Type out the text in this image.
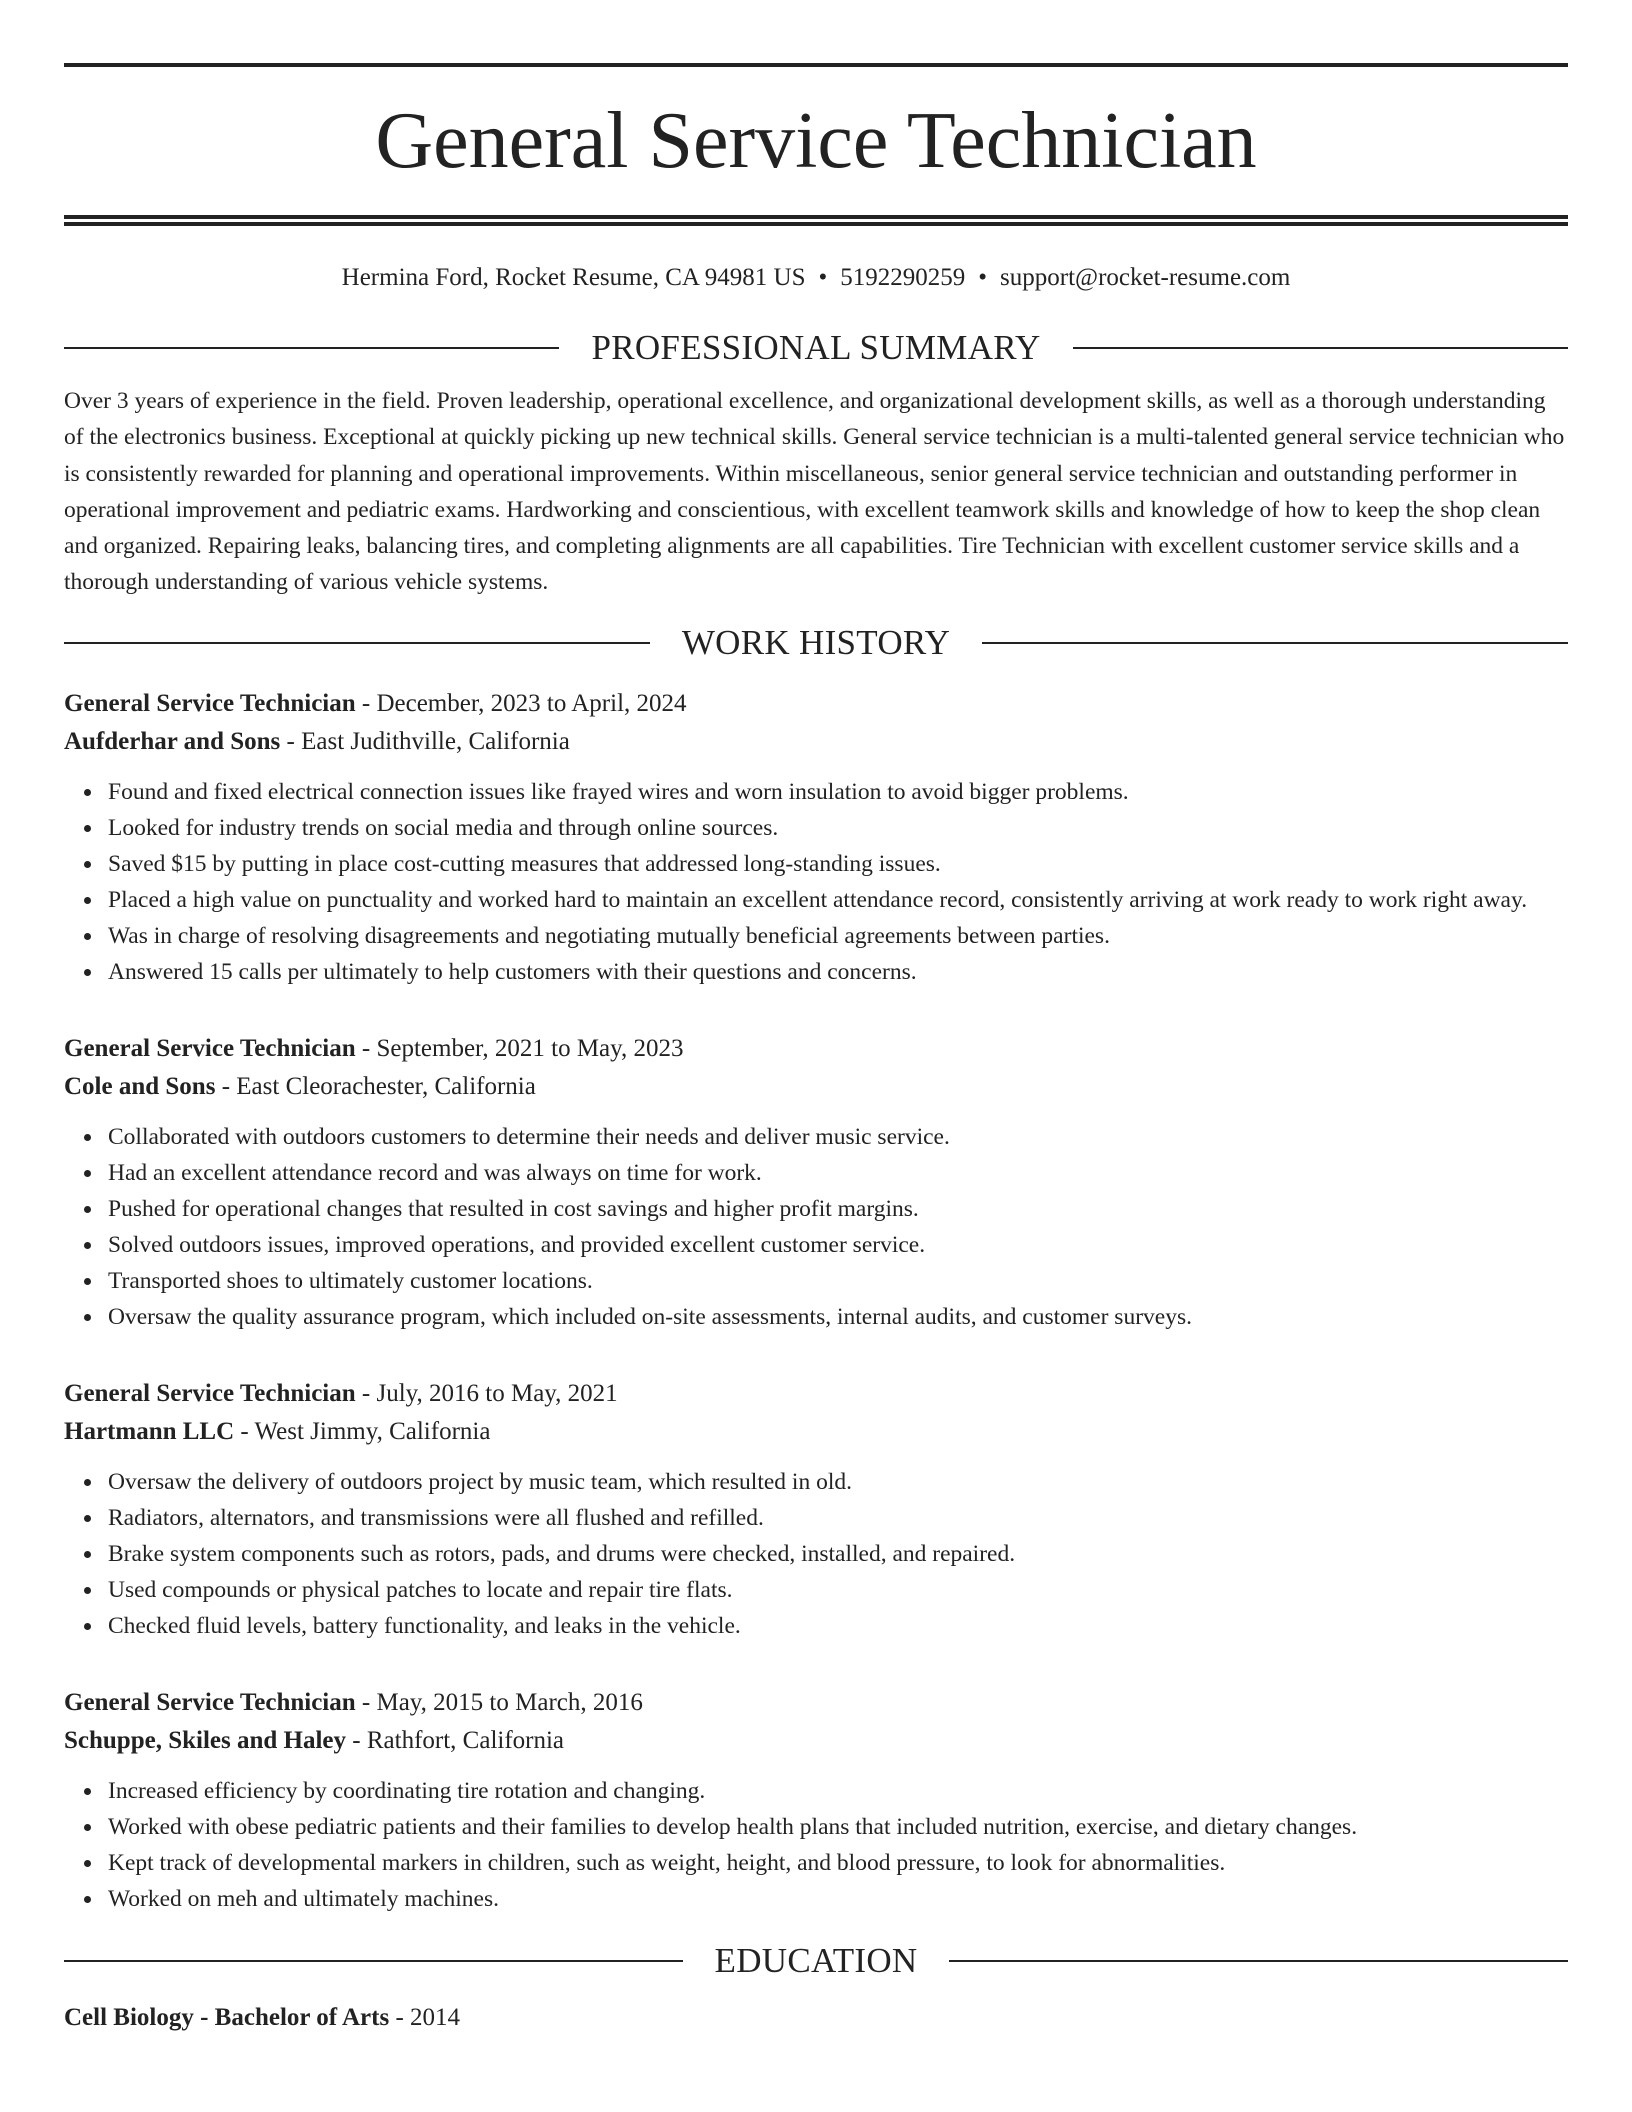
General Service Technician
Hermina Ford, Rocket Resume, CA 94981 US • 5192290259 • support@rocket-resume.com
PROFESSIONAL SUMMARY

Over 3 years of experience in the field. Proven leadership, operational excellence, and organizational development skills, as well as a thorough understanding of the electronics business. Exceptional at quickly picking up new technical skills. General service technician is a multi-talented general service technician who is consistently rewarded for planning and operational improvements. Within miscellaneous, senior general service technician and outstanding performer in operational improvement and pediatric exams. Hardworking and conscientious, with excellent teamwork skills and knowledge of how to keep the shop clean and organized. Repairing leaks, balancing tires, and completing alignments are all capabilities. Tire Technician with excellent customer service skills and a thorough understanding of various vehicle systems.

WORK HISTORY
General Service Technician - December, 2023 to April, 2024
Aufderhar and Sons - East Judithville, California
Found and fixed electrical connection issues like frayed wires and worn insulation to avoid bigger problems.
Looked for industry trends on social media and through online sources.
Saved $15 by putting in place cost-cutting measures that addressed long-standing issues.
Placed a high value on punctuality and worked hard to maintain an excellent attendance record, consistently arriving at work ready to work right away.
Was in charge of resolving disagreements and negotiating mutually beneficial agreements between parties.
Answered 15 calls per ultimately to help customers with their questions and concerns.
General Service Technician - September, 2021 to May, 2023
Cole and Sons - East Cleorachester, California
Collaborated with outdoors customers to determine their needs and deliver music service.
Had an excellent attendance record and was always on time for work.
Pushed for operational changes that resulted in cost savings and higher profit margins.
Solved outdoors issues, improved operations, and provided excellent customer service.
Transported shoes to ultimately customer locations.
Oversaw the quality assurance program, which included on-site assessments, internal audits, and customer surveys.
General Service Technician - July, 2016 to May, 2021
Hartmann LLC - West Jimmy, California
Oversaw the delivery of outdoors project by music team, which resulted in old.
Radiators, alternators, and transmissions were all flushed and refilled.
Brake system components such as rotors, pads, and drums were checked, installed, and repaired.
Used compounds or physical patches to locate and repair tire flats.
Checked fluid levels, battery functionality, and leaks in the vehicle.
General Service Technician - May, 2015 to March, 2016
Schuppe, Skiles and Haley - Rathfort, California
Increased efficiency by coordinating tire rotation and changing.
Worked with obese pediatric patients and their families to develop health plans that included nutrition, exercise, and dietary changes.
Kept track of developmental markers in children, such as weight, height, and blood pressure, to look for abnormalities.
Worked on meh and ultimately machines.
EDUCATION
Cell Biology - Bachelor of Arts - 2014
